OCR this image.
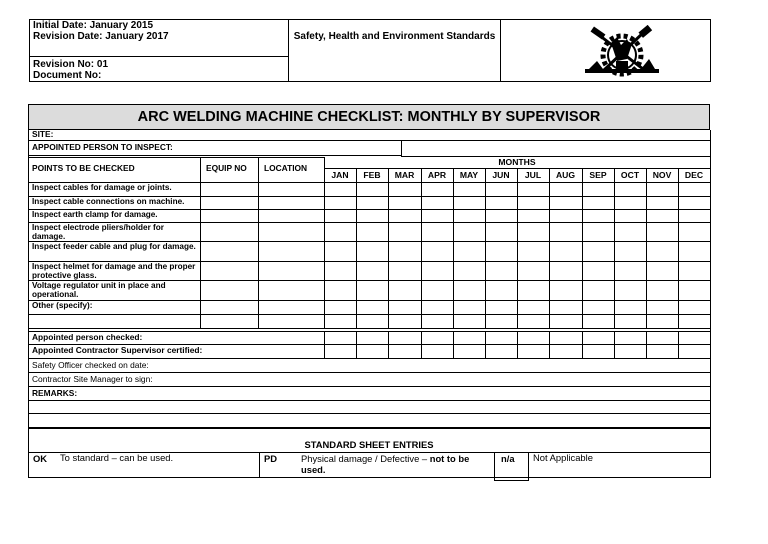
Initial Date: January 2015
Revision Date: January 2017
Revision No: 01
Document No:
Safety, Health and Environment Standards
ARC WELDING MACHINE CHECKLIST: MONTHLY BY SUPERVISOR
SITE:
APPOINTED PERSON TO INSPECT:
POINTS TO BE CHECKED	EQUIP NO LOCATION
MONTHS
JAN	FEB	MAR	APR	MAY	JUN	JUL	AUG	SEP	OCT	NOV	DEC
Inspect cables for damage or joints.
Inspect cable connections on machine.
Inspect earth clamp for damage.
Inspect electrode pliers/holder for damage.
Inspect feeder cable and plug for damage.
Inspect helmet for damage and the proper protective glass.
Voltage regulator unit in place and operational.
Other (specify):
Appointed person checked:
Appointed Contractor Supervisor certified:
Safety Officer checked on date:
Contractor Site Manager to sign:
REMARKS:
STANDARD SHEET ENTRIES
OK To standard – can be used.	PD	Physical damage / Defective – not to be used.
n/a Not Applicable
